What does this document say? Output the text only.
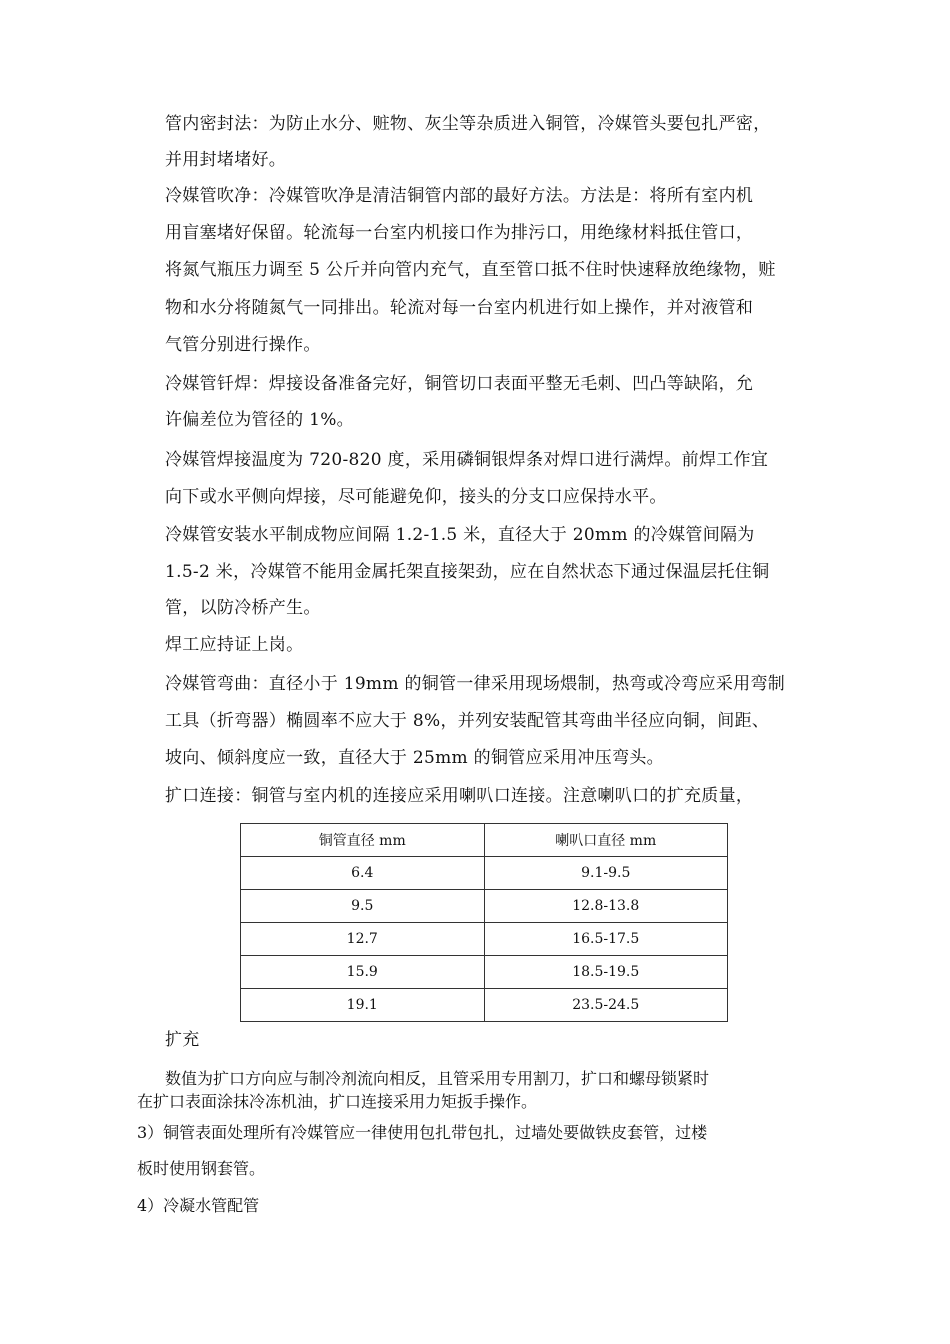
管内密封法：为防止水分、赃物、灰尘等杂质进入铜管，冷媒管头要包扎严密，
并用封堵堵好。
冷媒管吹净：冷媒管吹净是清洁铜管内部的最好方法。方法是：将所有室内机
用盲塞堵好保留。轮流每一台室内机接口作为排污口，用绝缘材料抵住管口，
将氮气瓶压力调至 5 公斤并向管内充气，直至管口抵不住时快速释放绝缘物，赃
物和水分将随氮气一同排出。轮流对每一台室内机进行如上操作，并对液管和
气管分别进行操作。
冷媒管钎焊：焊接设备准备完好，铜管切口表面平整无毛刺、凹凸等缺陷，允
许偏差位为管径的 1%。
冷媒管焊接温度为 720-820 度，采用磷铜银焊条对焊口进行满焊。前焊工作宜
向下或水平侧向焊接，尽可能避免仰，接头的分支口应保持水平。
冷媒管安装水平制成物应间隔 1.2-1.5 米，直径大于 20mm 的冷媒管间隔为
1.5-2 米，冷媒管不能用金属托架直接架劲，应在自然状态下通过保温层托住铜
管，以防冷桥产生。
焊工应持证上岗。
冷媒管弯曲：直径小于 19mm 的铜管一律采用现场煨制，热弯或冷弯应采用弯制
工具（折弯器）椭圆率不应大于 8%，并列安装配管其弯曲半径应向铜，间距、
坡向、倾斜度应一致，直径大于 25mm 的铜管应采用冲压弯头。
扩口连接：铜管与室内机的连接应采用喇叭口连接。注意喇叭口的扩充质量，
铜管直径 mm	喇叭口直径 mm
6.4	9.1-9.5
9.5	12.8-13.8
12.7	16.5-17.5
15.9	18.5-19.5
19.1	23.5-24.5
扩充
数值为扩口方向应与制冷剂流向相反，且管采用专用割刀，扩口和螺母锁紧时
在扩口表面涂抹冷冻机油，扩口连接采用力矩扳手操作。
3）铜管表面处理所有冷媒管应一律使用包扎带包扎，过墙处要做铁皮套管，过楼
板时使用钢套管。
4）冷凝水管配管
